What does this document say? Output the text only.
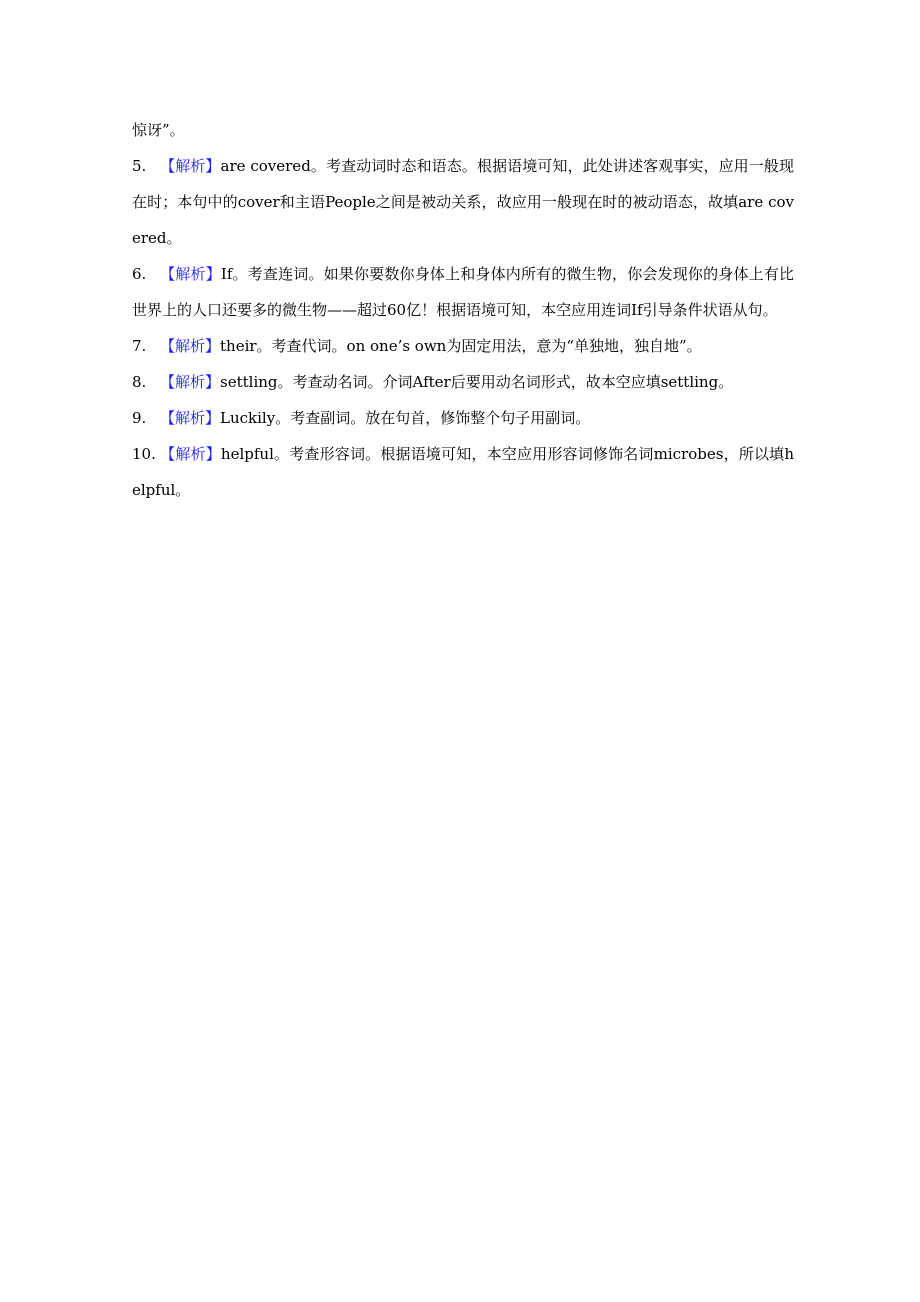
惊讶”。

5. 【解析】are covered。考查动词时态和语态。根据语境可知，此处讲述客观事实，应用一般现在时；本句中的cover和主语People之间是被动关系，故应用一般现在时的被动语态，故填are covered。

6. 【解析】If。考查连词。如果你要数你身体上和身体内所有的微生物，你会发现你的身体上有比世界上的人口还要多的微生物——超过60亿！根据语境可知，本空应用连词If引导条件状语从句。

7. 【解析】their。考查代词。on one’s own为固定用法，意为“单独地，独自地”。

8. 【解析】settling。考查动名词。介词After后要用动名词形式，故本空应填settling。

9. 【解析】Luckily。考查副词。放在句首，修饰整个句子用副词。

10. 【解析】helpful。考查形容词。根据语境可知，本空应用形容词修饰名词microbes，所以填helpful。
